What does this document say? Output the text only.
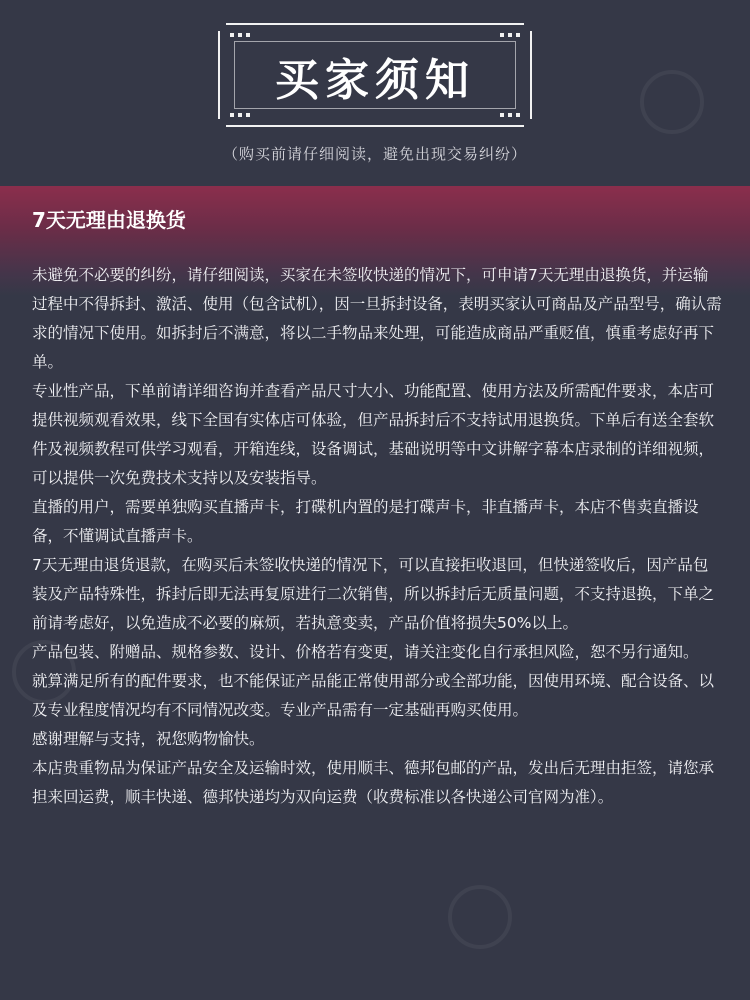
买家须知
（购买前请仔细阅读，避免出现交易纠纷）
7天无理由退换货

未避免不必要的纠纷，请仔细阅读，买家在未签收快递的情况下，可申请7天无理由退换货，并运输过程中不得拆封、激活、使用（包含试机），因一旦拆封设备，表明买家认可商品及产品型号，确认需求的情况下使用。如拆封后不满意，将以二手物品来处理，可能造成商品严重贬值，慎重考虑好再下单。

专业性产品，下单前请详细咨询并查看产品尺寸大小、功能配置、使用方法及所需配件要求，本店可提供视频观看效果，线下全国有实体店可体验，但产品拆封后不支持试用退换货。下单后有送全套软件及视频教程可供学习观看，开箱连线，设备调试，基础说明等中文讲解字幕本店录制的详细视频，可以提供一次免费技术支持以及安装指导。

直播的用户，需要单独购买直播声卡，打碟机内置的是打碟声卡，非直播声卡，本店不售卖直播设备，不懂调试直播声卡。

7天无理由退货退款，在购买后未签收快递的情况下，可以直接拒收退回，但快递签收后，因产品包装及产品特殊性，拆封后即无法再复原进行二次销售，所以拆封后无质量问题，不支持退换，下单之前请考虑好，以免造成不必要的麻烦，若执意变卖，产品价值将损失50%以上。

产品包装、附赠品、规格参数、设计、价格若有变更，请关注变化自行承担风险，恕不另行通知。

就算满足所有的配件要求，也不能保证产品能正常使用部分或全部功能，因使用环境、配合设备、以及专业程度情况均有不同情况改变。专业产品需有一定基础再购买使用。

感谢理解与支持，祝您购物愉快。

本店贵重物品为保证产品安全及运输时效，使用顺丰、德邦包邮的产品，发出后无理由拒签，请您承担来回运费，顺丰快递、德邦快递均为双向运费（收费标准以各快递公司官网为准）。
